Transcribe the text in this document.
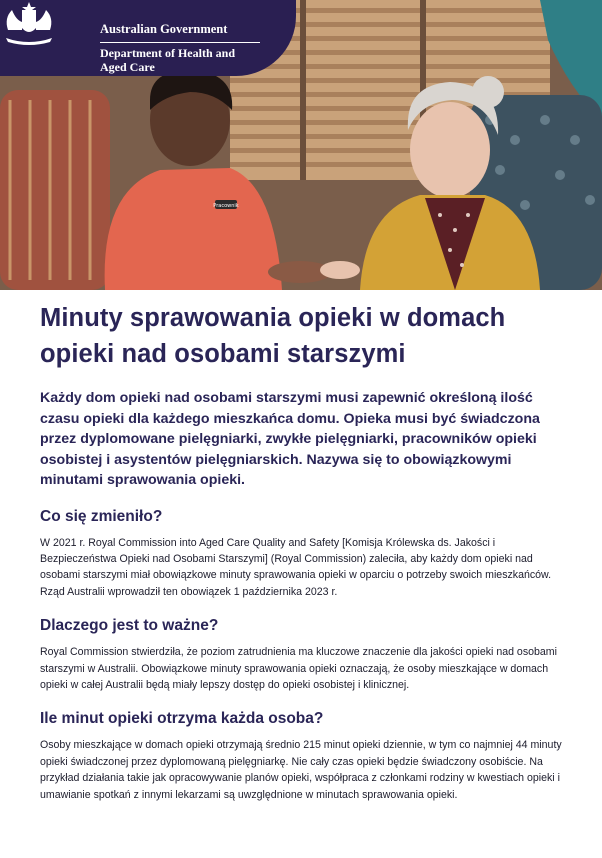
Pracownik
Australian Government
Department of Health and Aged Care
Minuty sprawowania opieki w domach opieki nad osobami starszymi

Każdy dom opieki nad osobami starszymi musi zapewnić określoną ilość czasu opieki dla każdego mieszkańca domu. Opieka musi być świadczona przez dyplomowane pielęgniarki, zwykłe pielęgniarki, pracowników opieki osobistej i asystentów pielęgniarskich. Nazywa się to obowiązkowymi minutami sprawowania opieki.

Co się zmieniło?

W 2021 r. Royal Commission into Aged Care Quality and Safety [Komisja Królewska ds. Jakości i Bezpieczeństwa Opieki nad Osobami Starszymi] (Royal Commission) zaleciła, aby każdy dom opieki nad osobami starszymi miał obowiązkowe minuty sprawowania opieki w oparciu o potrzeby swoich mieszkańców. Rząd Australii wprowadził ten obowiązek 1 października 2023 r.

Dlaczego jest to ważne?

Royal Commission stwierdziła, że poziom zatrudnienia ma kluczowe znaczenie dla jakości opieki nad osobami starszymi w Australii. Obowiązkowe minuty sprawowania opieki oznaczają, że osoby mieszkające w domach opieki w całej Australii będą miały lepszy dostęp do opieki osobistej i klinicznej.

Ile minut opieki otrzyma każda osoba?

Osoby mieszkające w domach opieki otrzymają średnio 215 minut opieki dziennie, w tym co najmniej 44 minuty opieki świadczonej przez dyplomowaną pielęgniarkę. Nie cały czas opieki będzie świadczony osobiście. Na przykład działania takie jak opracowywanie planów opieki, współpraca z członkami rodziny w kwestiach opieki i umawianie spotkań z innymi lekarzami są uwzględnione w minutach sprawowania opieki.
